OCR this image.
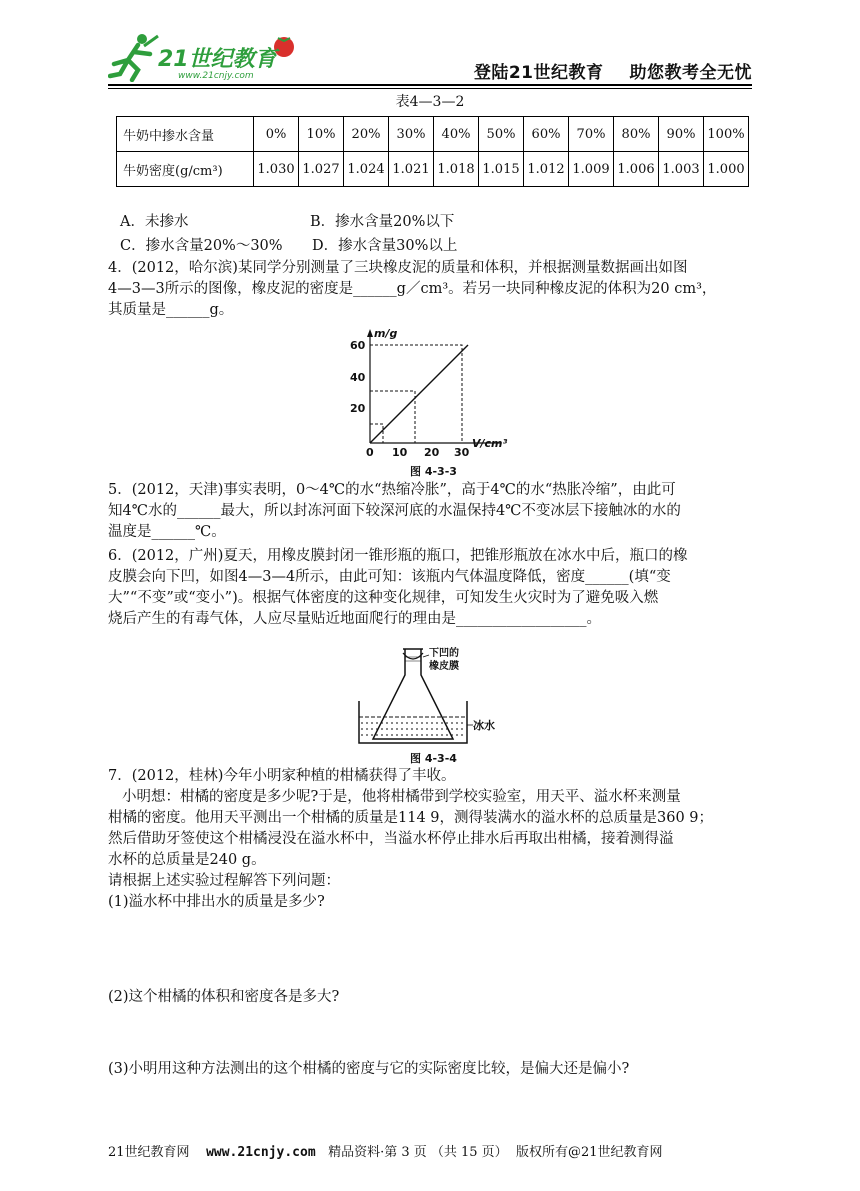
21世纪教育
www.21cnjy.com	登陆21世纪教育 助您教考全无忧
表4—3—2
牛奶中掺水含量	0%	10%	20%	30%	40%	50%	60%	70%	80%	90%	100%
牛奶密度(g/cm³)	1.030	1.027	1.024	1.021	1.018	1.015	1.012	1.009	1.006	1.003	1.000
A．未掺水	B．掺水含量20%以下
C．掺水含量20%～30% D．掺水含量30%以上
4．(2012，哈尔滨)某同学分别测量了三块橡皮泥的质量和体积，并根据测量数据画出如图
4—3—3所示的图像，橡皮泥的密度是______g／cm³。若另一块同种橡皮泥的体积为20 cm³，
其质量是______g。
60
40
20
0 10 20 30
m/g
V/cm³
图 4-3-3
5．(2012，天津)事实表明，0～4℃的水“热缩冷胀”，高于4℃的水“热胀冷缩”，由此可
知4℃水的______最大，所以封冻河面下较深河底的水温保持4℃不变冰层下接触冰的水的
温度是______℃。
6．(2012，广州)夏天，用橡皮膜封闭一锥形瓶的瓶口，把锥形瓶放在冰水中后，瓶口的橡
皮膜会向下凹，如图4—3—4所示，由此可知：该瓶内气体温度降低，密度______(填“变
大”“不变”或“变小”)。根据气体密度的这种变化规律，可知发生火灾时为了避免吸入燃
烧后产生的有毒气体，人应尽量贴近地面爬行的理由是__________________。
下凹的
橡皮膜
冰水
图 4-3-4
7．(2012，桂林)今年小明家种植的柑橘获得了丰收。
小明想：柑橘的密度是多少呢?于是，他将柑橘带到学校实验室，用天平、溢水杯来测量
柑橘的密度。他用天平测出一个柑橘的质量是114 9，测得装满水的溢水杯的总质量是360 9；
然后借助牙签使这个柑橘浸没在溢水杯中，当溢水杯停止排水后再取出柑橘，接着测得溢
水杯的总质量是240 g。
请根据上述实验过程解答下列问题：
(1)溢水杯中排出水的质量是多少?
(2)这个柑橘的体积和密度各是多大?
(3)小明用这种方法测出的这个柑橘的密度与它的实际密度比较，是偏大还是偏小?
21世纪教育网 www.21cnjy.com 精品资料·第 3 页 （共 15 页） 版权所有@21世纪教育网
